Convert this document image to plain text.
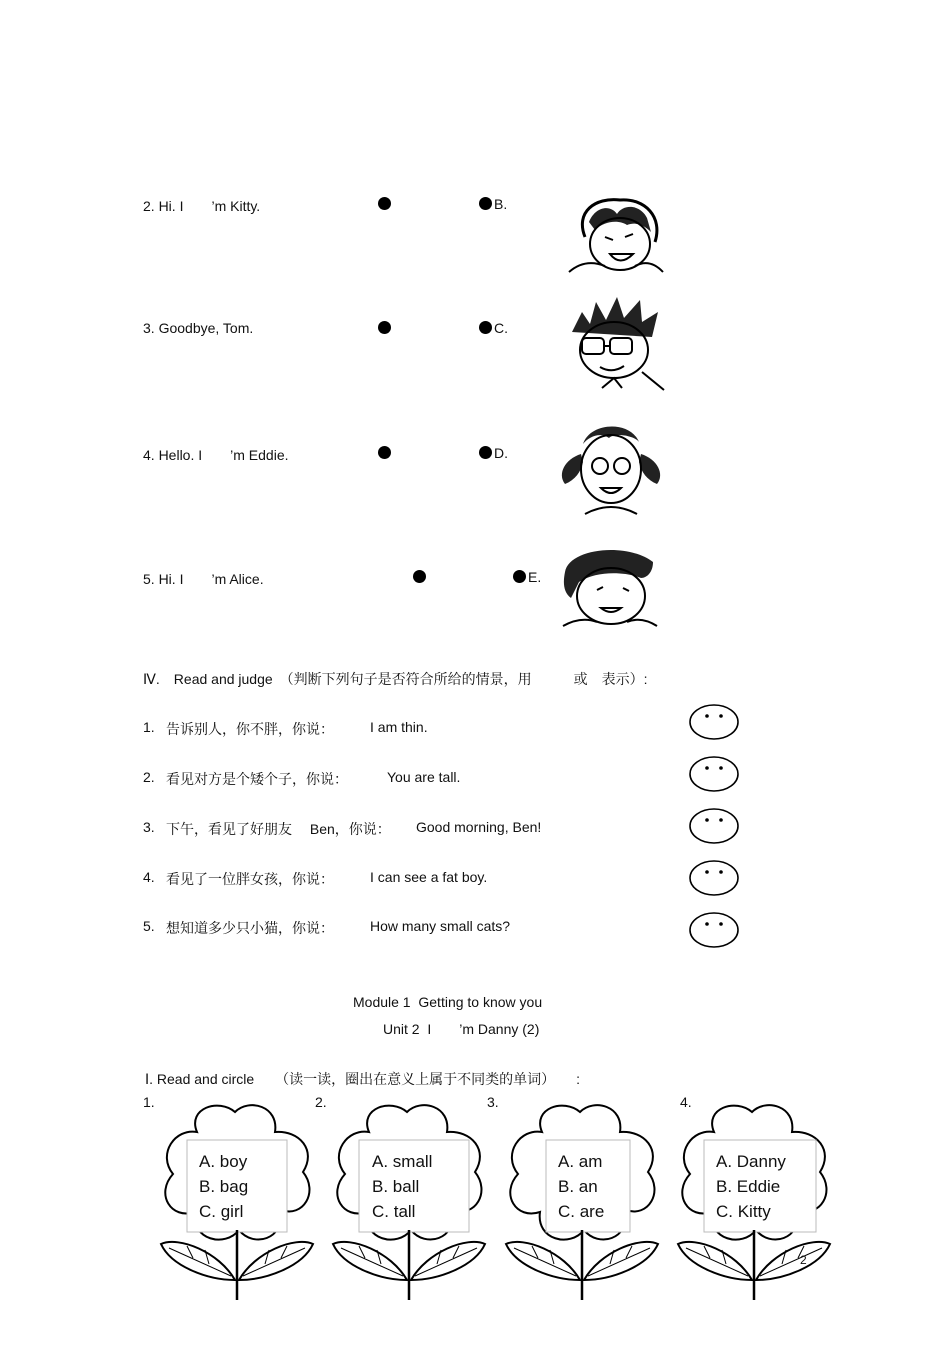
2. Hi. I　　’m Kitty.	B.
3. Goodbye, Tom.	C.
4. Hello. I　　’m Eddie.	D.
5. Hi. I　　’m Alice.	E.
Ⅳ.　Read and judge　（判断下列句子是否符合所给的情景，用　　　或　表示）:
1. 告诉别人，你不胖，你说：	I am thin.
2. 看见对方是个矮个子，你说：	You are tall.
3. 下午，看见了好朋友　 Ben，你说： Good morning, Ben!
4. 看见了一位胖女孩，你说：	I can see a fat boy.
5. 想知道多少只小猫，你说：	How many small cats?
Module 1  Getting to know you
Unit 2  I　　’m Danny (2)
Ⅰ. Read and circle　　（读一读，圈出在意义上属于不同类的单词）　　:
1.	2.	3.	4.
A. boy
B. bag
C. girl
A. small
B. ball
C. tall
A. am
B. an
C. are
A. Danny
B. Eddie
C. Kitty
2
